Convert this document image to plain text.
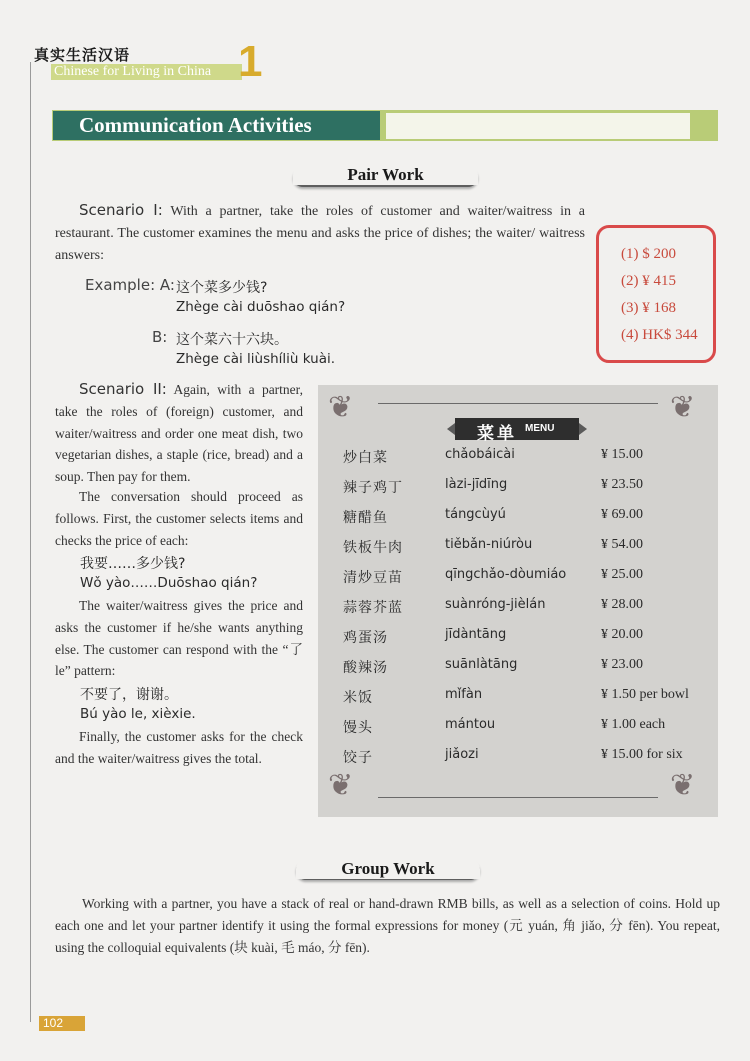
真实生活汉语
Chinese for Living in China 1
Communication Activities
Pair Work
Scenario I: With a partner, take the roles of customer and waiter/waitress in a restaurant. The customer examines the menu and asks the price of dishes; the waiter/ waitress answers:
Example: A: 这个菜多少钱?
Zhège cài duōshao qián?
B: 这个菜六十六块。
Zhège cài liùshíliù kuài.
(1) $ 200
(2) ¥ 415
(3) ¥ 168
(4) HK$ 344
Scenario II: Again, with a partner, take the roles of (foreign) customer, and waiter/waitress and order one meat dish, two vegetarian dishes, a staple (rice, bread) and a soup. Then pay for them.
The conversation should proceed as follows. First, the customer selects items and checks the price of each:
我要……多少钱?
Wǒ yào……Duōshao qián?
The waiter/waitress gives the price and asks the customer if he/she wants anything else. The customer can respond with the “了 le” pattern:
不要了，谢谢。
Bú yào le, xièxie.
Finally, the customer asks for the check and the waiter/waitress gives the total.
❦	❦
❦	❦
菜单 MENU
炒白菜	chǎobáicài	¥ 15.00
辣子鸡丁	làzi-jīdīng	¥ 23.50
糖醋鱼	tángcùyú	¥ 69.00
铁板牛肉	tiěbǎn-niúròu	¥ 54.00
清炒豆苗	qīngchǎo-dòumiáo ¥ 25.00
蒜蓉芥蓝	suànróng-jièlán	¥ 28.00
鸡蛋汤	jīdàntāng	¥ 20.00
酸辣汤	suānlàtāng	¥ 23.00
米饭	mǐfàn	¥ 1.50 per bowl
馒头	mántou	¥ 1.00 each
饺子	jiǎozi	¥ 15.00 for six
Group Work
Working with a partner, you have a stack of real or hand-drawn RMB bills, as well as a selection of coins. Hold up each one and let your partner identify it using the formal expressions for money (元 yuán, 角 jiǎo, 分 fēn). You repeat, using the colloquial equivalents (块 kuài, 毛 máo, 分 fēn).
102
